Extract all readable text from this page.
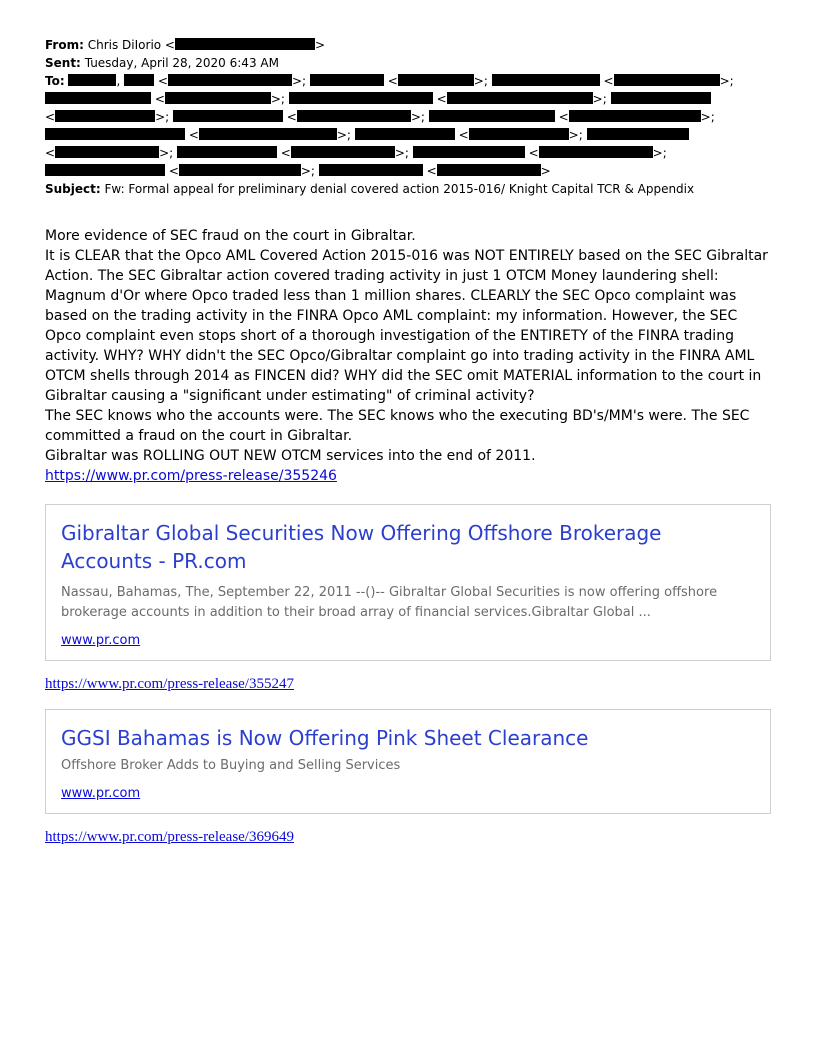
From: Chris DiIorio <	>
Sent: Tuesday, April 28, 2020 6:43 AM
To:	,	<	>;	<	>;	<	>;
<	>;	<	>;
<	>;	<	>;	<	>;
<	>;	<	>;
<	>;	<	>;	<	>;
<	>;	<	>
Subject: Fw: Formal appeal for preliminary denial covered action 2015-016/ Knight Capital TCR & Appendix

More evidence of SEC fraud on the court in Gibraltar.

It is CLEAR that the Opco AML Covered Action 2015-016 was NOT ENTIRELY based on the SEC Gibraltar Action. The SEC Gibraltar action covered trading activity in just 1 OTCM Money laundering shell: Magnum d'Or where Opco traded less than 1 million shares. CLEARLY the SEC Opco complaint was based on the trading activity in the FINRA Opco AML complaint: my information. However, the SEC Opco complaint even stops short of a thorough investigation of the ENTIRETY of the FINRA trading activity. WHY? WHY didn't the SEC Opco/Gibraltar complaint go into trading activity in the FINRA AML OTCM shells through 2014 as FINCEN did? WHY did the SEC omit MATERIAL information to the court in Gibraltar causing a "significant under estimating" of criminal activity?

The SEC knows who the accounts were. The SEC knows who the executing BD's/MM's were. The SEC committed a fraud on the court in Gibraltar.

Gibraltar was ROLLING OUT NEW OTCM services into the end of 2011.

https://www.pr.com/press-release/355246
Gibraltar Global Securities Now Offering Offshore Brokerage Accounts - PR.com
Nassau, Bahamas, The, September 22, 2011 --()-- Gibraltar Global Securities is now offering offshore brokerage accounts in addition to their broad array of financial services.Gibraltar Global ...
www.pr.com
https://www.pr.com/press-release/355247
GGSI Bahamas is Now Offering Pink Sheet Clearance
Offshore Broker Adds to Buying and Selling Services
www.pr.com
https://www.pr.com/press-release/369649
